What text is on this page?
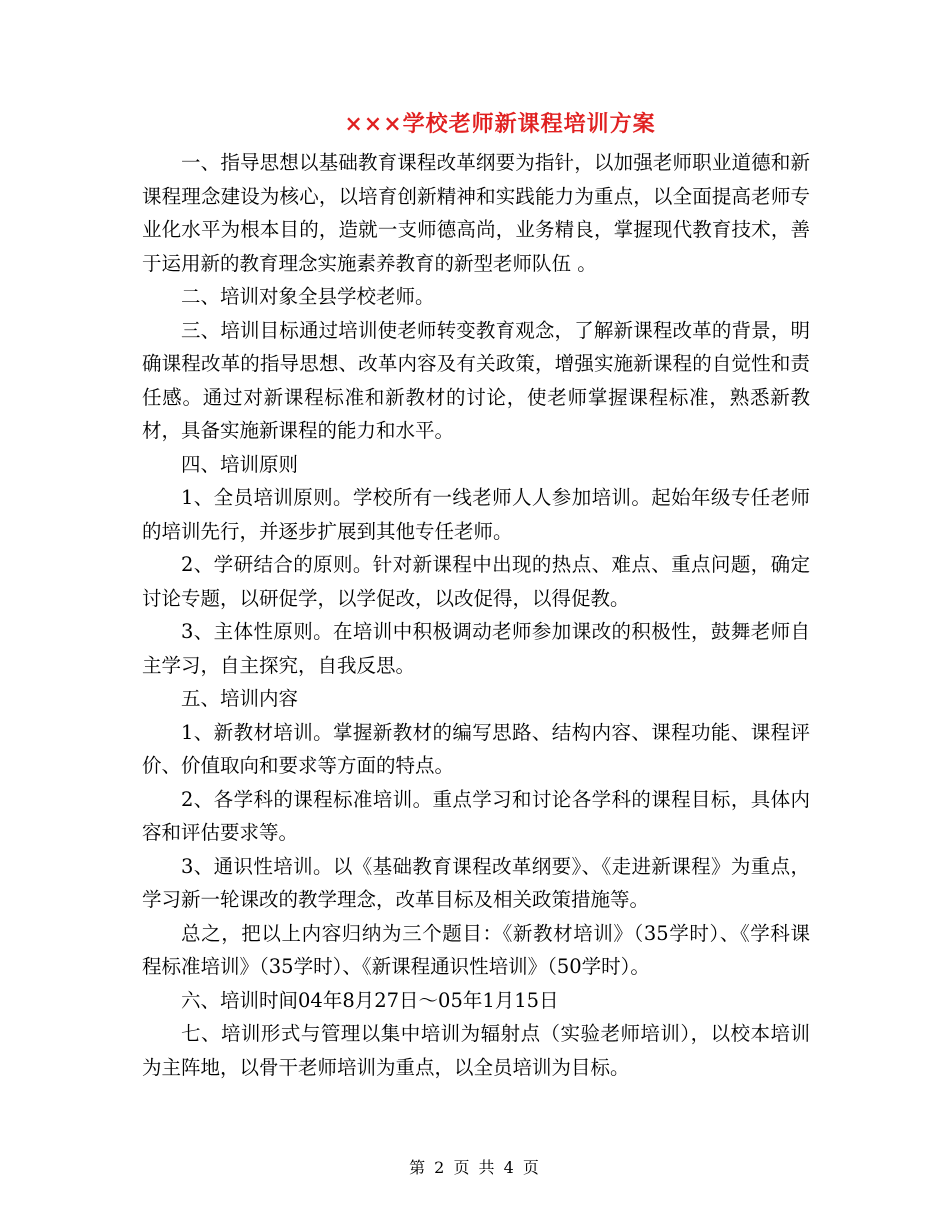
×××学校老师新课程培训方案

一、指导思想以基础教育课程改革纲要为指针，以加强老师职业道德和新课程理念建设为核心，以培育创新精神和实践能力为重点，以全面提高老师专业化水平为根本目的，造就一支师德高尚，业务精良，掌握现代教育技术，善于运用新的教育理念实施素养教育的新型老师队伍 。

二、培训对象全县学校老师。

三、培训目标通过培训使老师转变教育观念，了解新课程改革的背景，明确课程改革的指导思想、改革内容及有关政策，增强实施新课程的自觉性和责任感。通过对新课程标准和新教材的讨论，使老师掌握课程标准，熟悉新教材，具备实施新课程的能力和水平。

四、培训原则

1、全员培训原则。学校所有一线老师人人参加培训。起始年级专任老师的培训先行，并逐步扩展到其他专任老师。

2、学研结合的原则。针对新课程中出现的热点、难点、重点问题，确定讨论专题，以研促学，以学促改，以改促得，以得促教。

3、主体性原则。在培训中积极调动老师参加课改的积极性，鼓舞老师自主学习，自主探究，自我反思。

五、培训内容

1、新教材培训。掌握新教材的编写思路、结构内容、课程功能、课程评价、价值取向和要求等方面的特点。

2、各学科的课程标准培训。重点学习和讨论各学科的课程目标，具体内容和评估要求等。

3、通识性培训。以《基础教育课程改革纲要》、《走进新课程》为重点，学习新一轮课改的教学理念，改革目标及相关政策措施等。

总之，把以上内容归纳为三个题目：《新教材培训》（35学时）、《学科课程标准培训》（35学时）、《新课程通识性培训》（50学时）。

六、培训时间04年8月27日～05年1月15日

七、培训形式与管理以集中培训为辐射点（实验老师培训），以校本培训为主阵地，以骨干老师培训为重点，以全员培训为目标。

第 2 页 共 4 页
